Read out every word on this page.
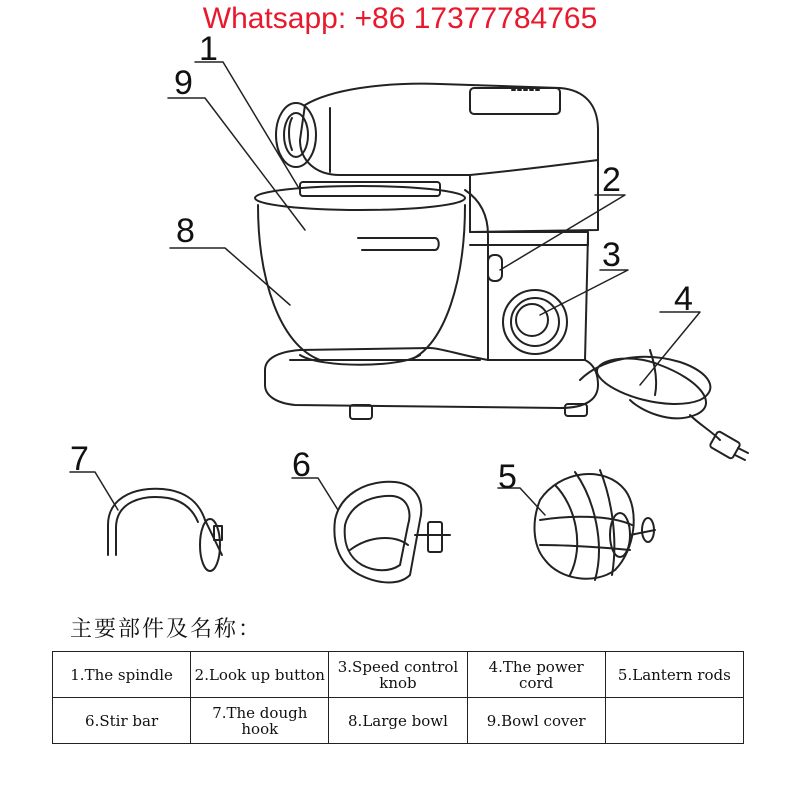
Whatsapp: +86 17377784765
1
2
3
4
5
6
7
8
9
主要部件及名称：
1.The spindle	2.Look up button	3.Speed control knob	4.The power cord	5.Lantern rods
6.Stir bar	7.The dough hook	8.Large bowl	9.Bowl cover	
